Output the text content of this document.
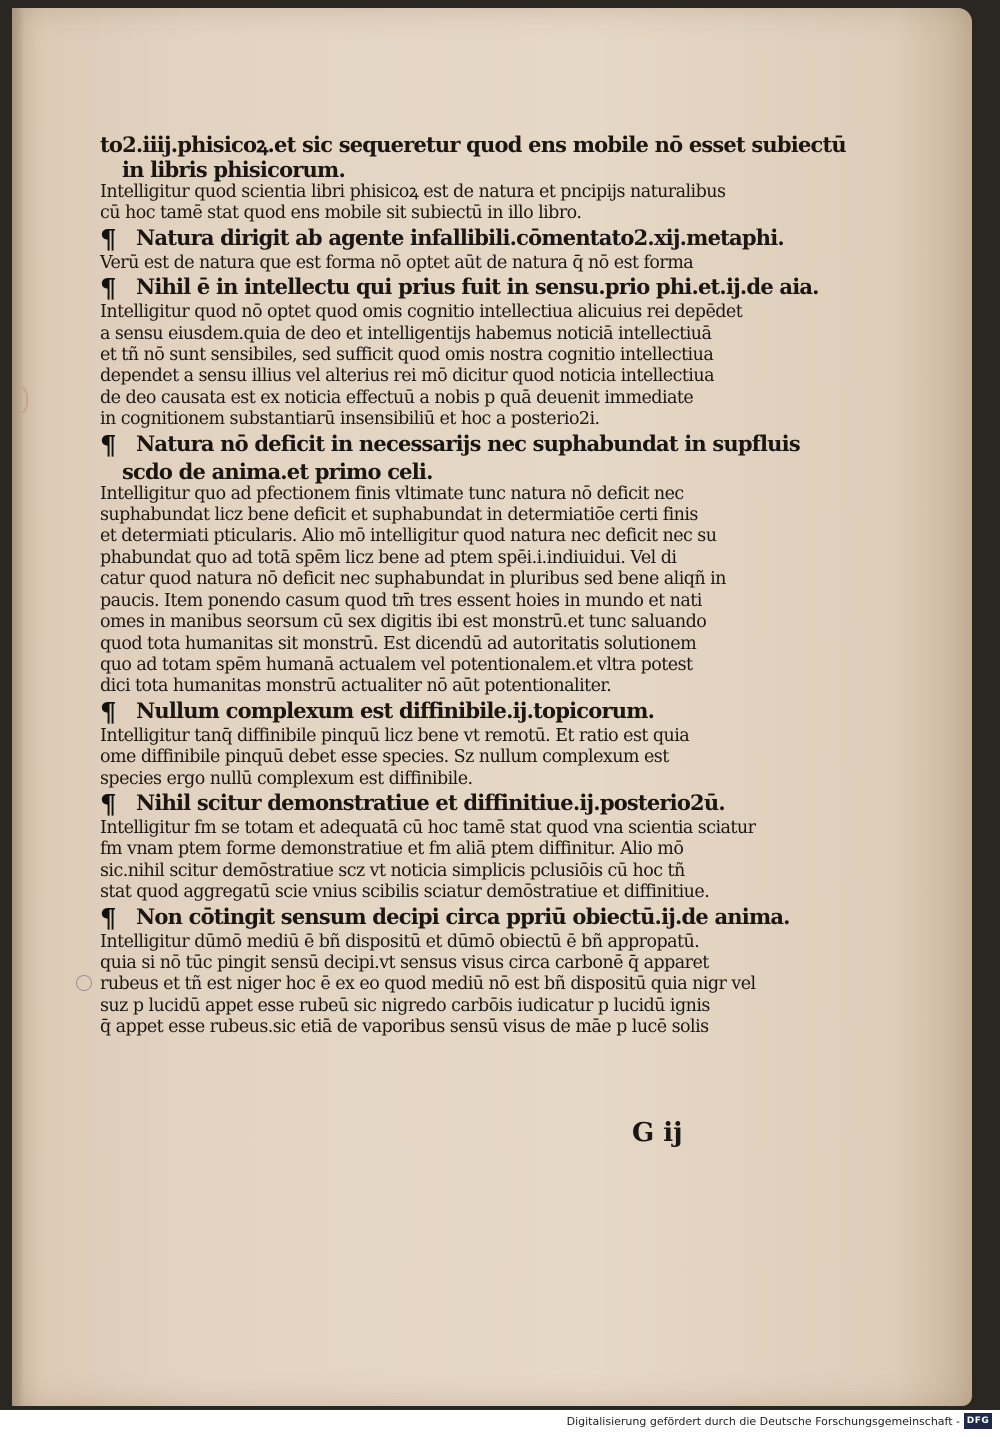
to2.iiij.phisicoꝝ.et sic sequeretur quod ens mobile nō esset subiectū
in libris phisicorum.
Intelligitur quod scientia libri phisicoꝝ est de natura et pncipijs naturalibus
cū hoc tamē stat quod ens mobile sit subiectū in illo libro.
¶ Natura dirigit ab agente infallibili.cōmentato2.xij.metaphi.
Verū est de natura que est forma nō optet aūt de natura q̄ nō est forma
¶ Nihil ē in intellectu qui prius fuit in sensu.prio phi.et.ij.de aia.
Intelligitur quod nō optet quod omis cognitio intellectiua alicuius rei depēdet
a sensu eiusdem.quia de deo et intelligentijs habemus noticiā intellectiuā
et tñ nō sunt sensibiles, sed sufficit quod omis nostra cognitio intellectiua
dependet a sensu illius vel alterius rei mō dicitur quod noticia intellectiua
de deo causata est ex noticia effectuū a nobis p quā deuenit immediate
in cognitionem substantiarū insensibiliū et hoc a posterio2i.
¶ Natura nō deficit in necessarijs nec suphabundat in supfluis
scdo de anima.et primo celi.
Intelligitur quo ad pfectionem finis vltimate tunc natura nō deficit nec
suphabundat licz bene deficit et suphabundat in determiatiōe certi finis
et determiati pticularis. Alio mō intelligitur quod natura nec deficit nec su
phabundat quo ad totā spēm licz bene ad ptem spēi.i.indiuidui. Vel di
catur quod natura nō deficit nec suphabundat in pluribus sed bene aliqñ in
paucis. Item ponendo casum quod tm̄ tres essent hoies in mundo et nati
omes in manibus seorsum cū sex digitis ibi est monstrū.et tunc saluando
quod tota humanitas sit monstrū. Est dicendū ad autoritatis solutionem
quo ad totam spēm humanā actualem vel potentionalem.et vltra potest
dici tota humanitas monstrū actualiter nō aūt potentionaliter.
¶ Nullum complexum est diffinibile.ij.topicorum.
Intelligitur tanq̄ diffinibile pinquū licz bene vt remotū. Et ratio est quia
ome diffinibile pinquū debet esse species. Sz nullum complexum est
species ergo nullū complexum est diffinibile.
¶ Nihil scitur demonstratiue et diffinitiue.ij.posterio2ū.
Intelligitur fm se totam et adequatā cū hoc tamē stat quod vna scientia sciatur
fm vnam ptem forme demonstratiue et fm aliā ptem diffinitur. Alio mō
sic.nihil scitur demōstratiue scz vt noticia simplicis pclusiōis cū hoc tñ
stat quod aggregatū scie vnius scibilis sciatur demōstratiue et diffinitiue.
¶ Non cōtingit sensum decipi circa ppriū obiectū.ij.de anima.
Intelligitur dūmō mediū ē bñ dispositū et dūmō obiectū ē bñ appropatū.
quia si nō tūc pingit sensū decipi.vt sensus visus circa carbonē q̄ apparet
rubeus et tñ est niger hoc ē ex eo quod mediū nō est bñ dispositū quia nigr vel
suz p lucidū appet esse rubeū sic nigredo carbōis iudicatur p lucidū ignis
q̄ appet esse rubeus.sic etiā de vaporibus sensū visus de māe p lucē solis
G ij
Digitalisierung gefördert durch die Deutsche Forschungsgemeinschaft - DFG
